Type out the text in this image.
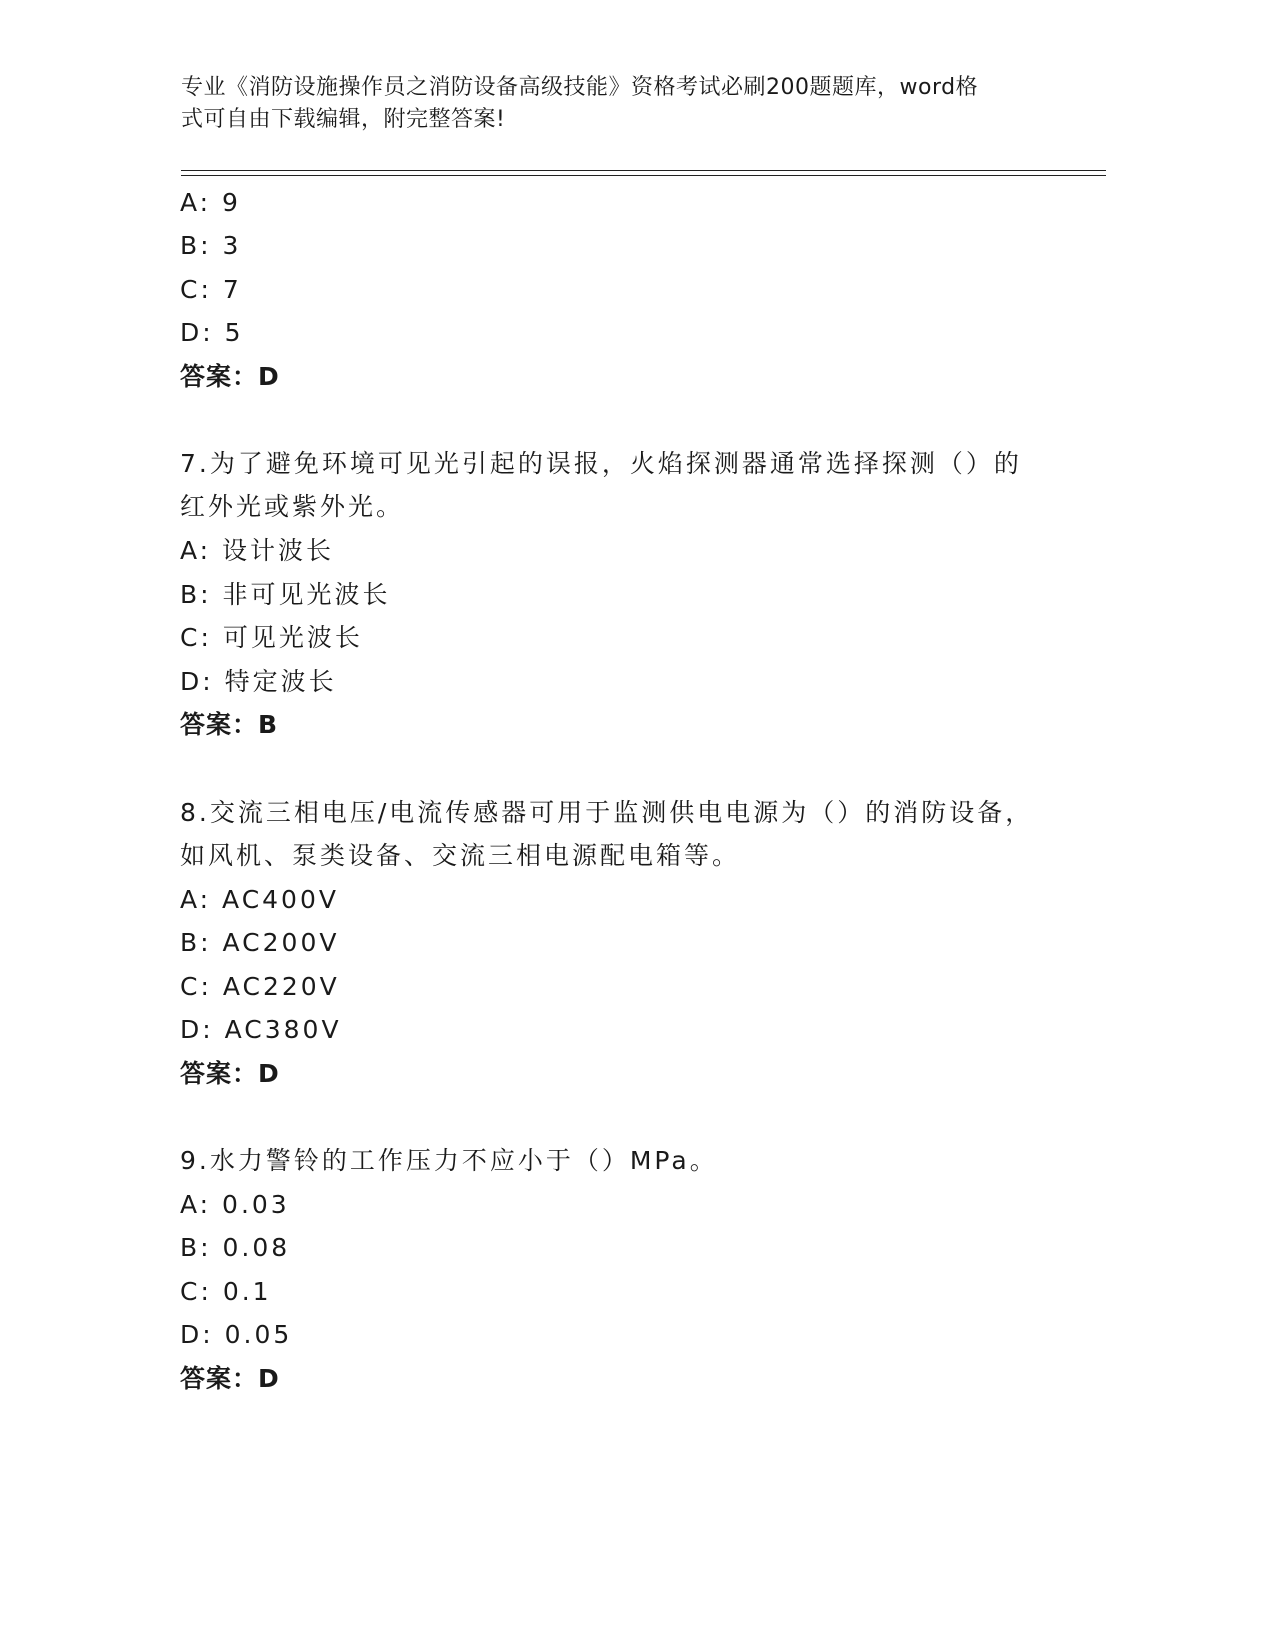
专业《消防设施操作员之消防设备高级技能》资格考试必刷200题题库，word格
式可自由下载编辑，附完整答案!
A: 9
B: 3
C: 7
D: 5
答案：D
7.为了避免环境可见光引起的误报，火焰探测器通常选择探测（）的
红外光或紫外光。
A: 设计波长
B: 非可见光波长
C: 可见光波长
D: 特定波长
答案：B
8.交流三相电压/电流传感器可用于监测供电电源为（）的消防设备，
如风机、泵类设备、交流三相电源配电箱等。
A: AC400V
B: AC200V
C: AC220V
D: AC380V
答案：D
9.水力警铃的工作压力不应小于（）MPa。
A: 0.03
B: 0.08
C: 0.1
D: 0.05
答案：D
